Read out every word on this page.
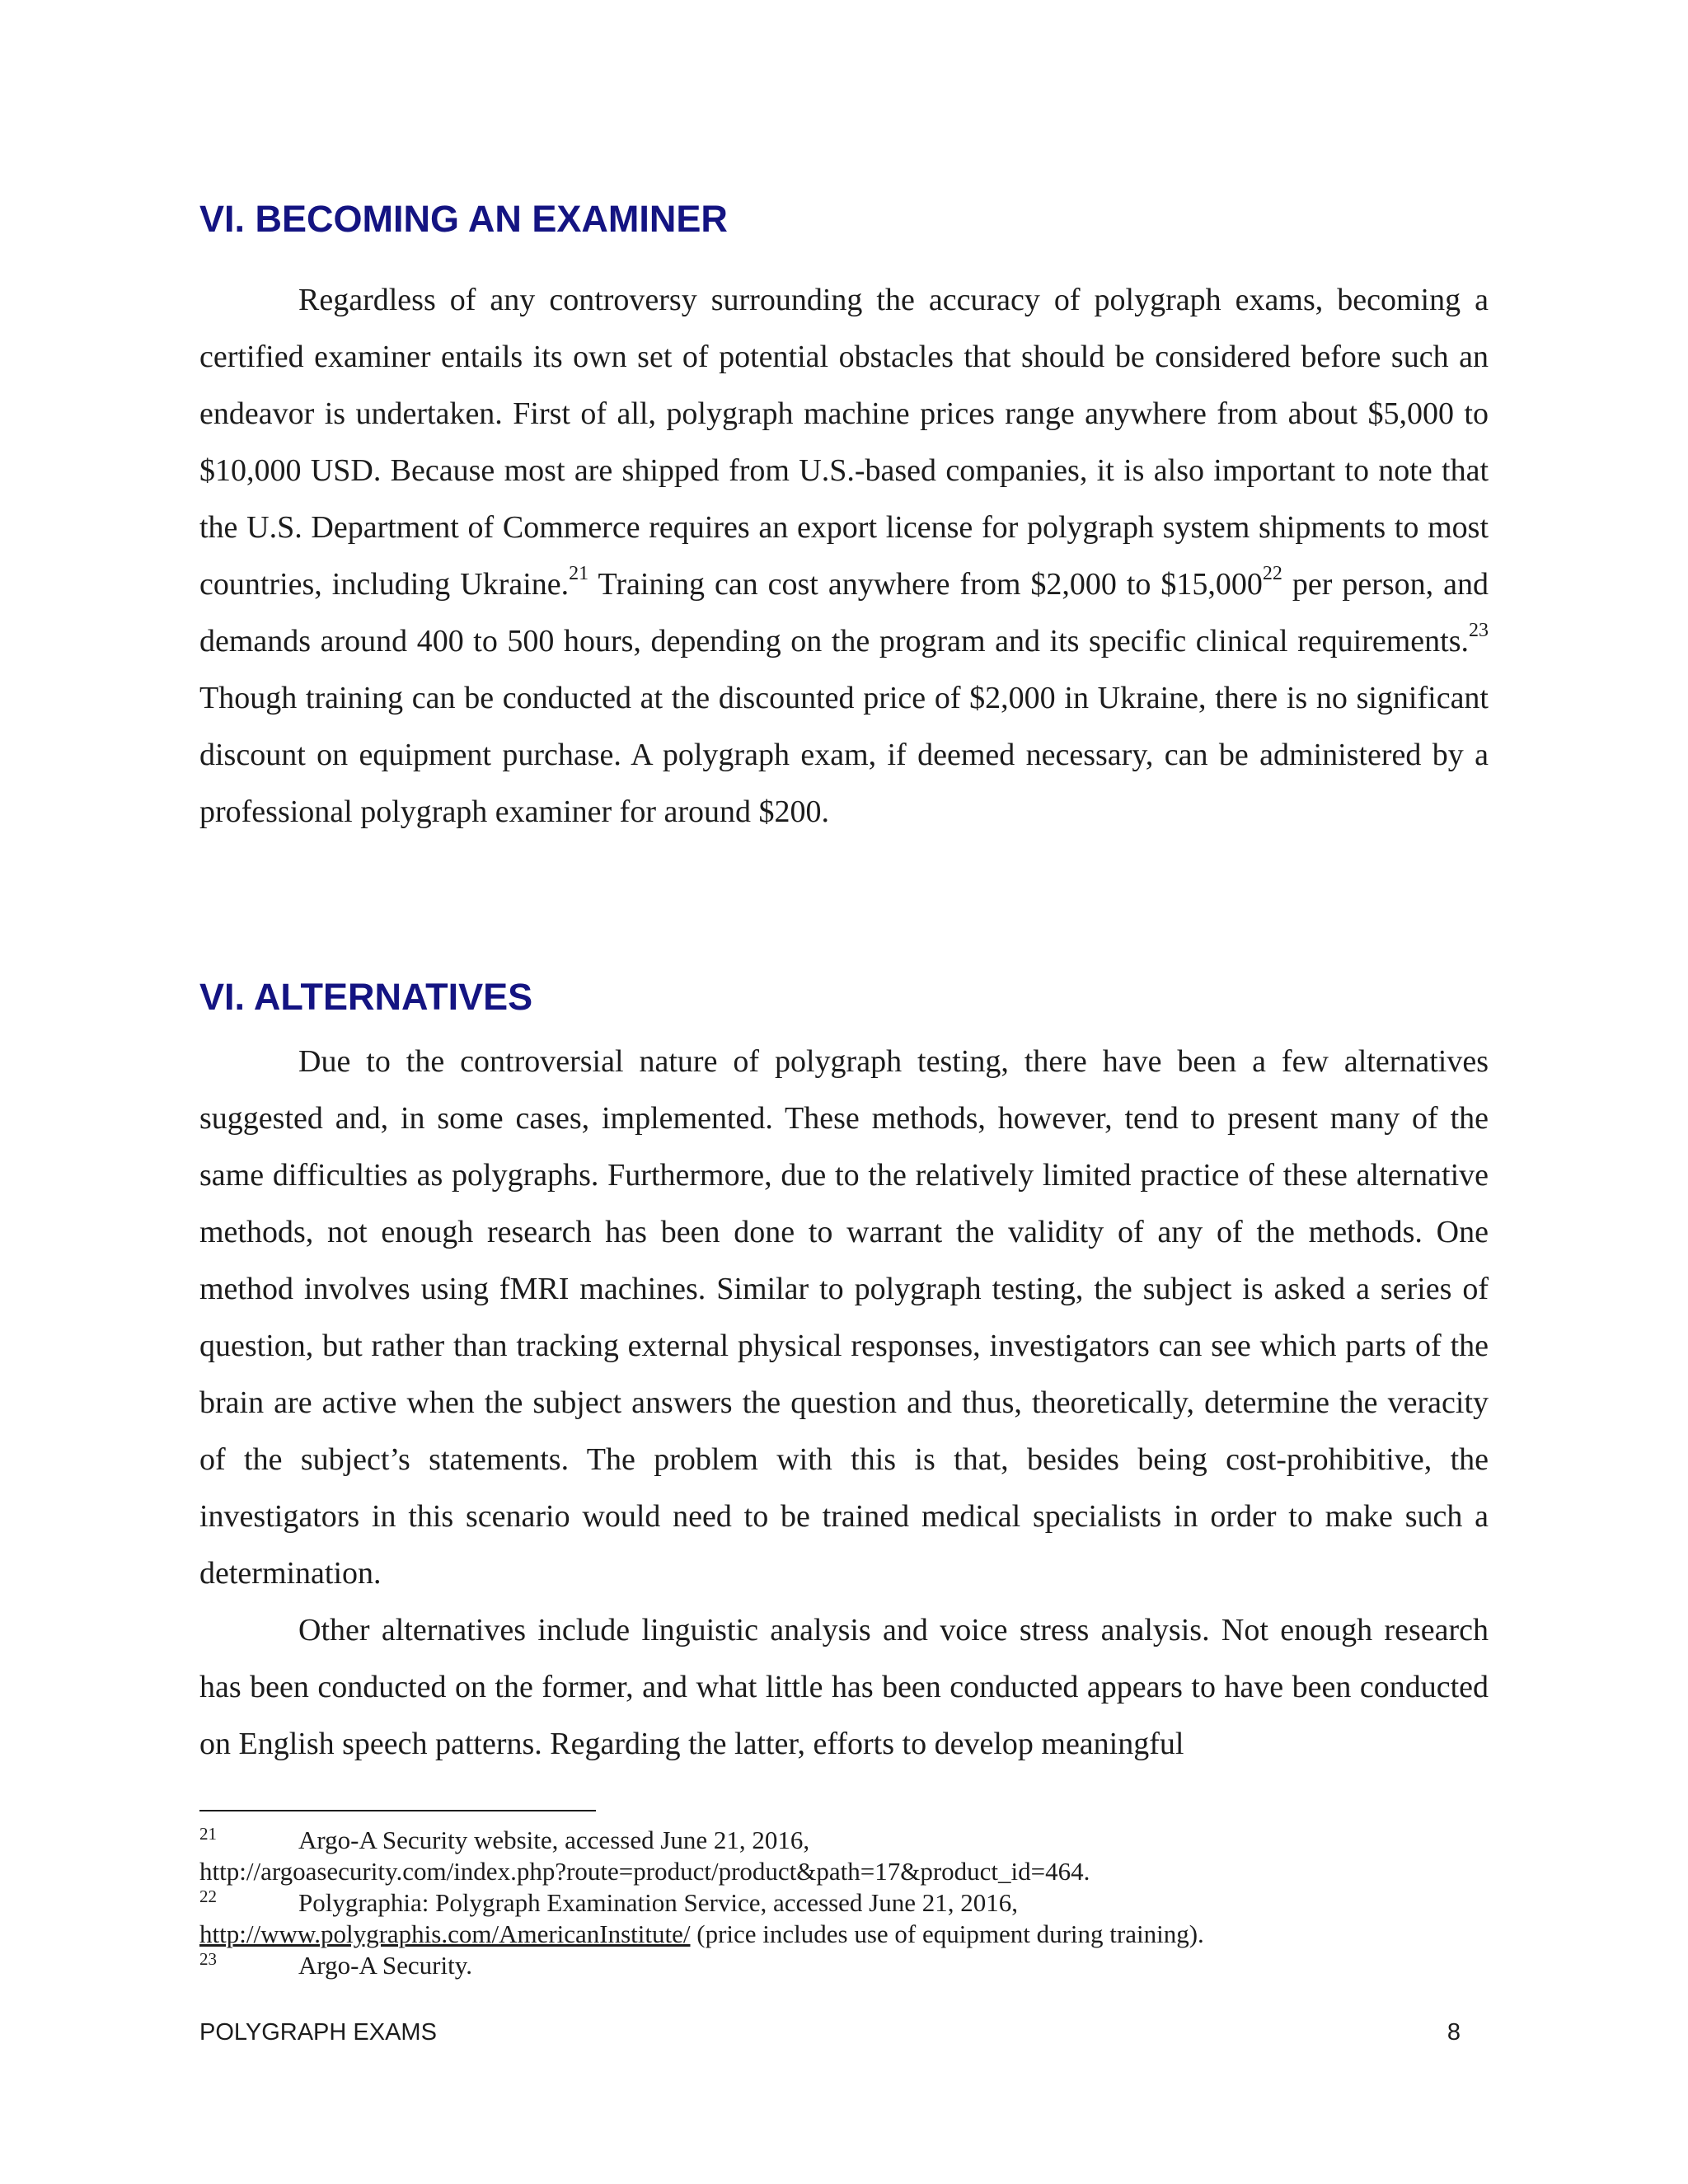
VI. BECOMING AN EXAMINER

Regardless of any controversy surrounding the accuracy of polygraph exams, becoming a certified examiner entails its own set of potential obstacles that should be considered before such an endeavor is undertaken. First of all, polygraph machine prices range anywhere from about $5,000 to $10,000 USD. Because most are shipped from U.S.-based companies, it is also important to note that the U.S. Department of Commerce requires an export license for polygraph system shipments to most countries, including Ukraine.$^{21}$ Training can cost anywhere from $2,000 to $15,000$^{22}$ per person, and demands around 400 to 500 hours, depending on the program and its specific clinical requirements.$^{23}$ Though training can be conducted at the discounted price of $2,000 in Ukraine, there is no significant discount on equipment purchase. A polygraph exam, if deemed necessary, can be administered by a professional polygraph examiner for around $200.

VI. ALTERNATIVES

Due to the controversial nature of polygraph testing, there have been a few alternatives suggested and, in some cases, implemented. These methods, however, tend to present many of the same difficulties as polygraphs. Furthermore, due to the relatively limited practice of these alternative methods, not enough research has been done to warrant the validity of any of the methods. One method involves using fMRI machines. Similar to polygraph testing, the subject is asked a series of question, but rather than tracking external physical responses, investigators can see which parts of the brain are active when the subject answers the question and thus, theoretically, determine the veracity of the subject’s statements. The problem with this is that, besides being cost-prohibitive, the investigators in this scenario would need to be trained medical specialists in order to make such a determination.

Other alternatives include linguistic analysis and voice stress analysis. Not enough research has been conducted on the former, and what little has been conducted appears to have been conducted on English speech patterns. Regarding the latter, efforts to develop meaningful

21	Argo-A Security website, accessed June 21, 2016,
http://argoasecurity.com/index.php?route=product/product&path=17&product_id=464.
22	Polygraphia: Polygraph Examination Service, accessed June 21, 2016,
http://www.polygraphis.com/AmericanInstitute/ (price includes use of equipment during training).
23	Argo-A Security.
POLYGRAPH EXAMS	8
